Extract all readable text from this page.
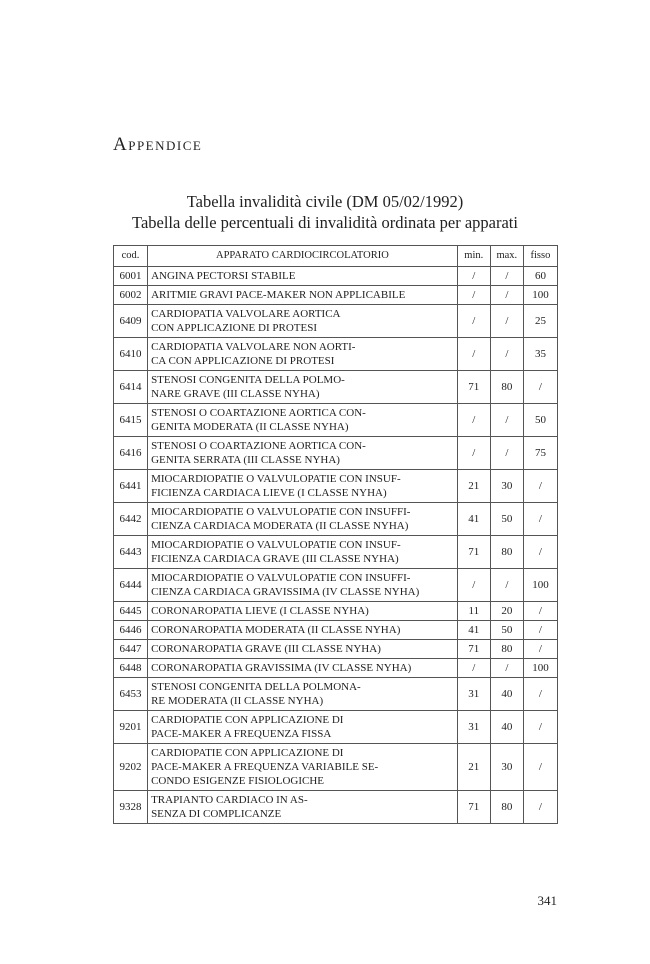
Appendice
Tabella invalidità civile (DM 05/02/1992)
Tabella delle percentuali di invalidità ordinata per apparati
cod.	APPARATO CARDIOCIRCOLATORIO	min.	max.	fisso
6001	ANGINA PECTORSI STABILE	/	/	60
6002	ARITMIE GRAVI PACE-MAKER NON APPLICABILE	/	/	100
6409	CARDIOPATIA VALVOLARE AORTICA
CON APPLICAZIONE DI PROTESI	/	/	25
6410	CARDIOPATIA VALVOLARE NON AORTI-
CA CON APPLICAZIONE DI PROTESI	/	/	35
6414	STENOSI CONGENITA DELLA POLMO-
NARE GRAVE (III CLASSE NYHA)	71	80	/
6415	STENOSI O COARTAZIONE AORTICA CON-
GENITA MODERATA (II CLASSE NYHA)	/	/	50
6416	STENOSI O COARTAZIONE AORTICA CON-
GENITA SERRATA (III CLASSE NYHA)	/	/	75
6441	MIOCARDIOPATIE O VALVULOPATIE CON INSUF-
FICIENZA CARDIACA LIEVE (I CLASSE NYHA)	21	30	/
6442	MIOCARDIOPATIE O VALVULOPATIE CON INSUFFI-
CIENZA CARDIACA MODERATA (II CLASSE NYHA)	41	50	/
6443	MIOCARDIOPATIE O VALVULOPATIE CON INSUF-
FICIENZA CARDIACA GRAVE (III CLASSE NYHA)	71	80	/
6444	MIOCARDIOPATIE O VALVULOPATIE CON INSUFFI-
CIENZA CARDIACA GRAVISSIMA (IV CLASSE NYHA)	/	/	100
6445	CORONAROPATIA LIEVE (I CLASSE NYHA)	11	20	/
6446	CORONAROPATIA MODERATA (II CLASSE NYHA)	41	50	/
6447	CORONAROPATIA GRAVE (III CLASSE NYHA)	71	80	/
6448	CORONAROPATIA GRAVISSIMA (IV CLASSE NYHA)	/	/	100
6453	STENOSI CONGENITA DELLA POLMONA-
RE MODERATA (II CLASSE NYHA)	31	40	/
9201	CARDIOPATIE CON APPLICAZIONE DI
PACE-MAKER A FREQUENZA FISSA	31	40	/
9202	CARDIOPATIE CON APPLICAZIONE DI
PACE-MAKER A FREQUENZA VARIABILE SE-
CONDO ESIGENZE FISIOLOGICHE	21	30	/
9328	TRAPIANTO CARDIACO IN AS-
SENZA DI COMPLICANZE	71	80	/
341
